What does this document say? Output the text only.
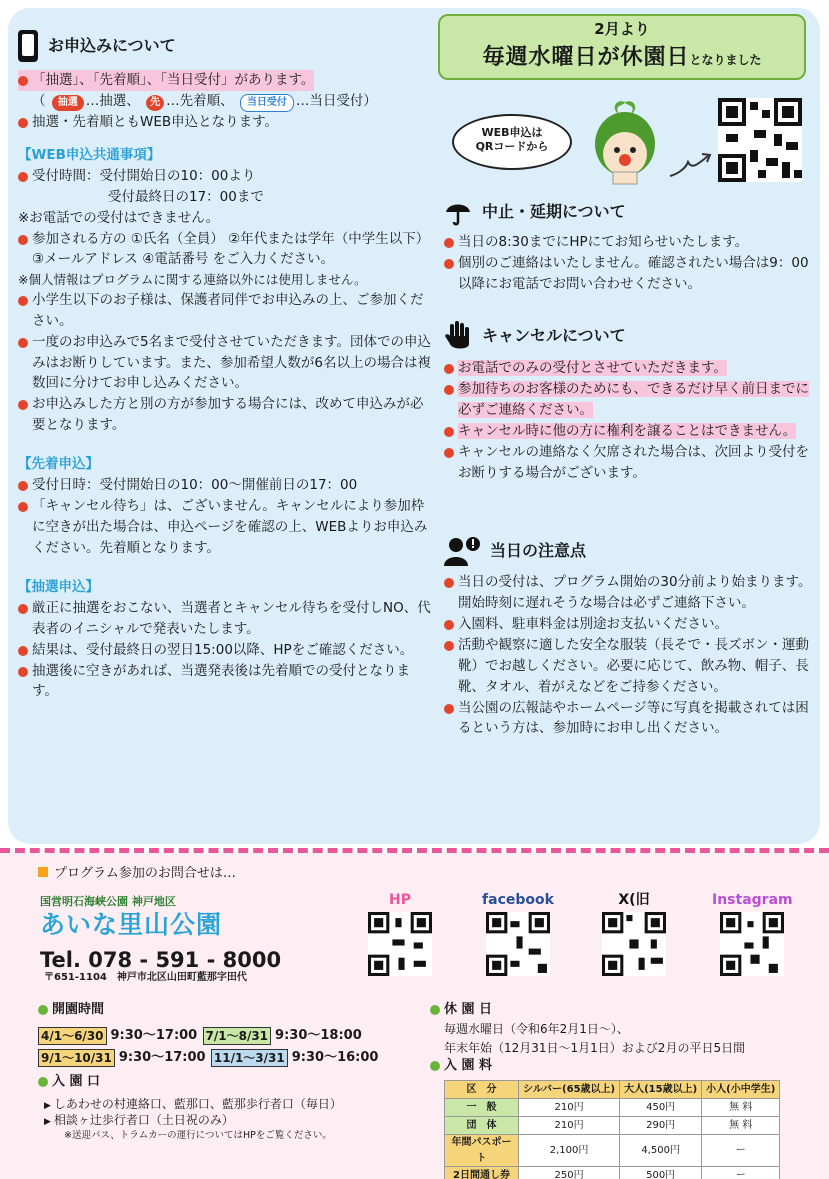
お申込みについて
「抽選」、「先着順」、「当日受付」があります。
（ 抽選 …抽選、 先 …先着順、 当日受付 …当日受付）
抽選・先着順ともWEB申込となります。
【WEB申込共通事項】
受付時間：受付開始日の10：00より
受付最終日の17：00まで
※お電話での受付はできません。
参加される方の ①氏名（全員） ②年代または学年（中学生以下） ③メールアドレス ④電話番号 をご入力ください。
※個人情報はプログラムに関する連絡以外には使用しません。
小学生以下のお子様は、保護者同伴でお申込みの上、ご参加ください。
一度のお申込みで5名まで受付させていただきます。団体での申込みはお断りしています。また、参加希望人数が6名以上の場合は複数回に分けてお申し込みください。
お申込みした方と別の方が参加する場合には、改めて申込みが必要となります。
【先着申込】
受付日時：受付開始日の10：00～開催前日の17：00
「キャンセル待ち」は、ございません。キャンセルにより参加枠に空きが出た場合は、申込ページを確認の上、WEBよりお申込みください。先着順となります。
【抽選申込】
厳正に抽選をおこない、当選者とキャンセル待ちを受付しNO、代表者のイニシャルで発表いたします。
結果は、受付最終日の翌日15:00以降、HPをご確認ください。
抽選後に空きがあれば、当選発表後は先着順での受付となります。
2月より
毎週水曜日が休園日となりました
WEB申込は
QRコードから
中止・延期について
当日の8:30までにHPにてお知らせいたします。
個別のご連絡はいたしません。確認されたい場合は9：00以降にお電話でお問い合わせください。
キャンセルについて
お電話でのみの受付とさせていただきます。
参加待ちのお客様のためにも、できるだけ早く前日までに必ずご連絡ください。
キャンセル時に他の方に権利を譲ることはできません。
キャンセルの連絡なく欠席された場合は、次回より受付をお断りする場合がございます。
当日の注意点
当日の受付は、プログラム開始の30分前より始まります。開始時刻に遅れそうな場合は必ずご連絡下さい。
入園料、駐車料金は別途お支払いください。
活動や観察に適した安全な服装（長そで・長ズボン・運動靴）でお越しください。必要に応じて、飲み物、帽子、長靴、タオル、着がえなどをご持参ください。
当公園の広報誌やホームページ等に写真を掲載されては困るという方は、参加時にお申し出ください。
プログラム参加のお問合せは…
国営明石海峡公園 神戸地区
あいな里山公園
Tel. 078 - 591 - 8000
〒651-1104　神戸市北区山田町藍那字田代
HP	facebook	X(旧	Instagram
開園時間
4/1～6/30 9:30～17:00 7/1～8/31 9:30～18:00
9/1～10/31 9:30～17:00 11/1～3/31 9:30～16:00
入 園 口
▶ しあわせの村連絡口、藍那口、藍那歩行者口（毎日）
▶ 相談ヶ辻歩行者口（土日祝のみ）
※送迎バス、トラムカーの運行についてはHPをご覧ください。
休 園 日
毎週水曜日（令和6年2月1日～）、
年末年始（12月31日～1月1日）および2月の平日5日間
入 園 料
区　分	シルバー(65歳以上)	大人(15歳以上)	小人(小中学生)
一　般	210円	450円	無 料
団　体	210円	290円	無 料
年間パスポート	2,100円	4,500円	ー
2日間通し券	250円	500円	ー
